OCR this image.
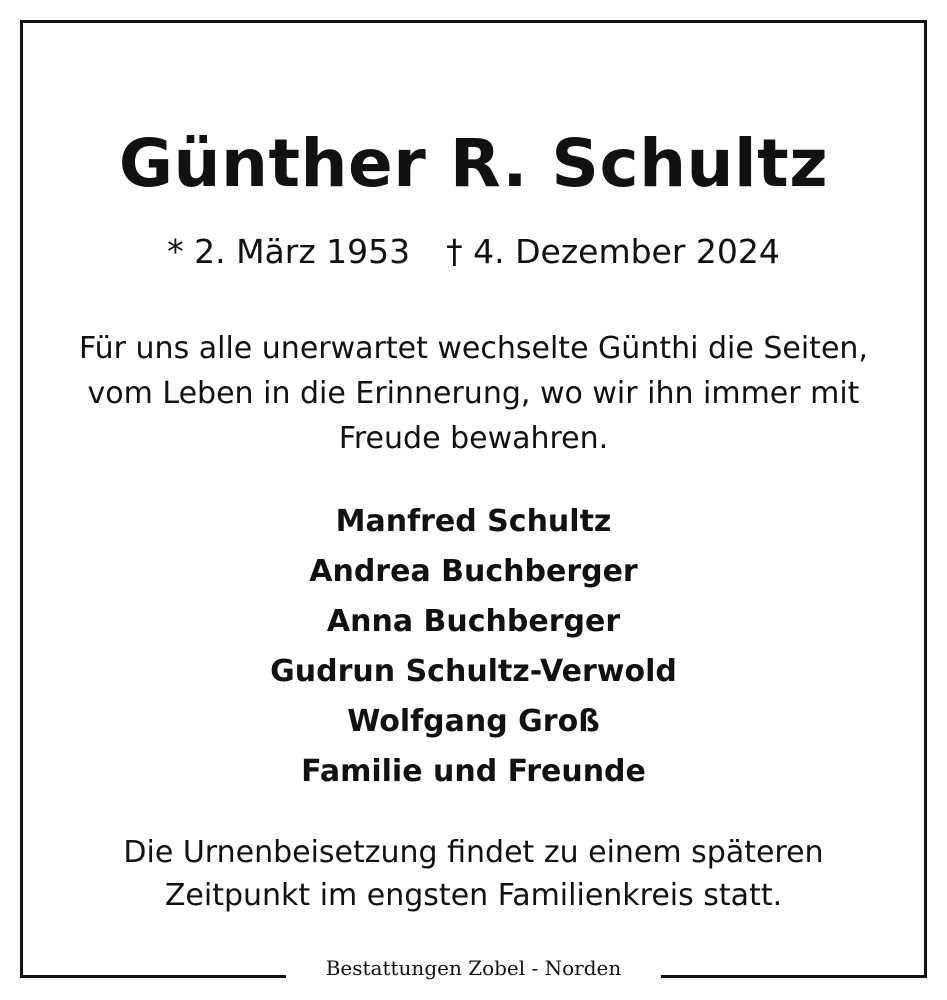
Günther R. Schultz
* 2. März 1953 † 4. Dezember 2024
Für uns alle unerwartet wechselte Günthi die Seiten,
vom Leben in die Erinnerung, wo wir ihn immer mit
Freude bewahren.
Manfred Schultz
Andrea Buchberger
Anna Buchberger
Gudrun Schultz-Verwold
Wolfgang Groß
Familie und Freunde
Die Urnenbeisetzung findet zu einem späteren
Zeitpunkt im engsten Familienkreis statt.
Bestattungen Zobel - Norden
